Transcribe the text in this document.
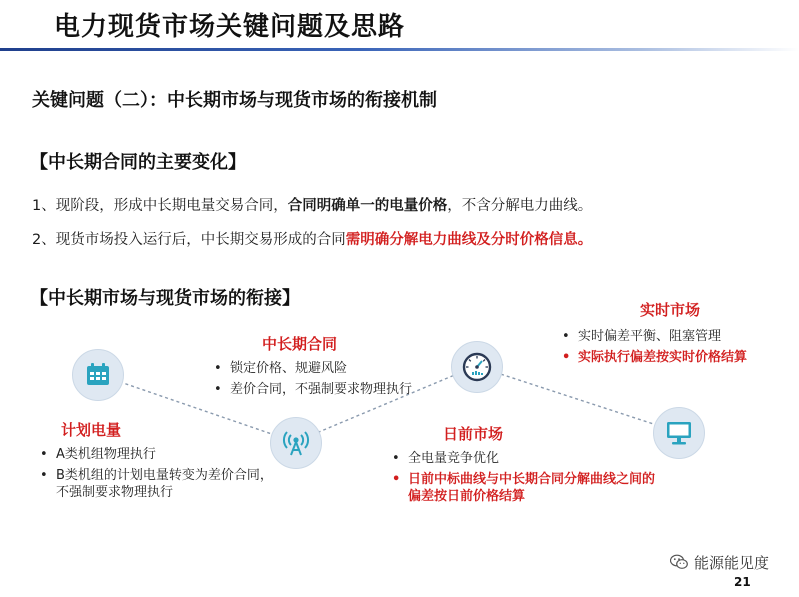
电力现货市场关键问题及思路
关键问题（二）：中长期市场与现货市场的衔接机制
【中长期合同的主要变化】
1、现阶段，形成中长期电量交易合同，合同明确单一的电量价格，不含分解电力曲线。
2、现货市场投入运行后，中长期交易形成的合同需明确分解电力曲线及分时价格信息。
【中长期市场与现货市场的衔接】
计划电量
• A类机组物理执行
• B类机组的计划电量转变为差价合同，不强制要求物理执行
中长期合同
• 锁定价格、规避风险
• 差价合同，不强制要求物理执行
日前市场
• 全电量竞争优化
• 日前中标曲线与中长期合同分解曲线之间的偏差按日前价格结算
实时市场
• 实时偏差平衡、阻塞管理
• 实际执行偏差按实时价格结算
能源能见度
21
